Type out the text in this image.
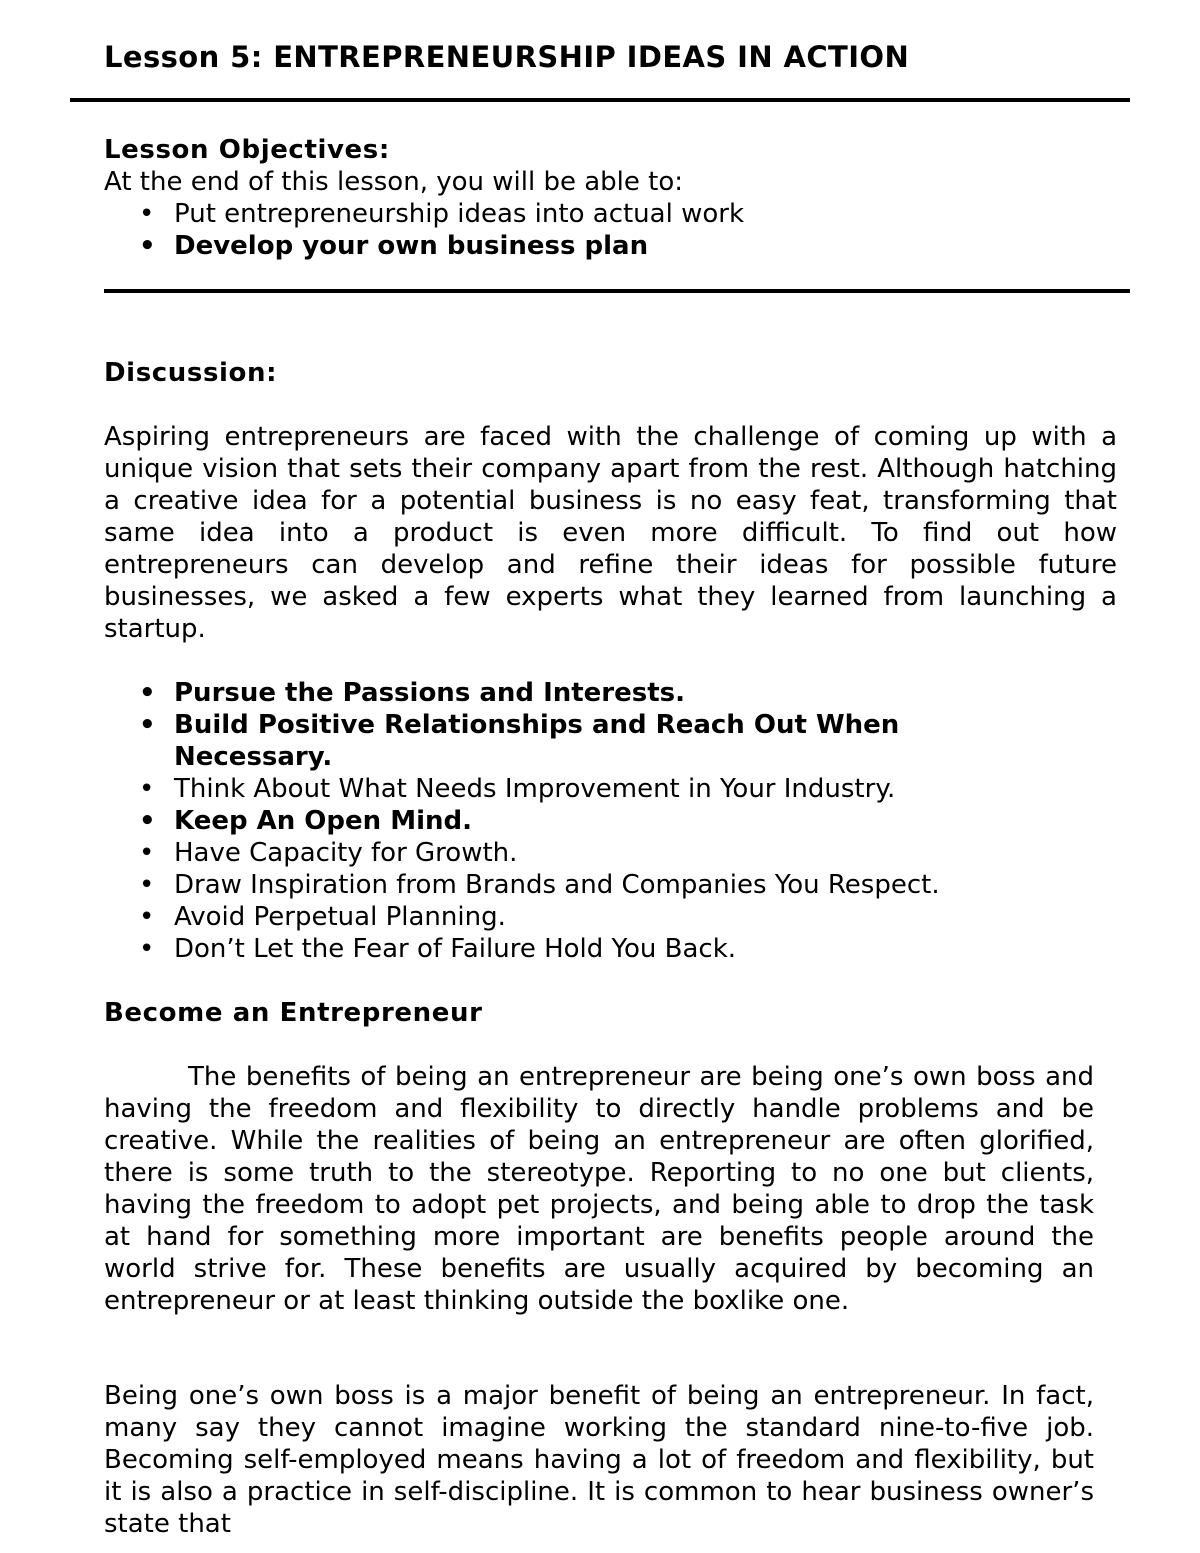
Lesson 5: ENTREPRENEURSHIP IDEAS IN ACTION
Lesson Objectives:
At the end of this lesson, you will be able to:
• Put entrepreneurship ideas into actual work
• Develop your own business plan
Discussion:
Aspiring entrepreneurs are faced with the challenge of coming up with a unique vision that sets their company apart from the rest. Although hatching a creative idea for a potential business is no easy feat, transforming that same idea into a product is even more difficult. To find out how entrepreneurs can develop and refine their ideas for possible future businesses, we asked a few experts what they learned from launching a startup.
• Pursue the Passions and Interests.
• Build Positive Relationships and Reach Out When Necessary.
• Think About What Needs Improvement in Your Industry.
• Keep An Open Mind.
• Have Capacity for Growth.
• Draw Inspiration from Brands and Companies You Respect.
• Avoid Perpetual Planning.
• Don’t Let the Fear of Failure Hold You Back.
Become an Entrepreneur
The benefits of being an entrepreneur are being one’s own boss and having the freedom and flexibility to directly handle problems and be creative. While the realities of being an entrepreneur are often glorified, there is some truth to the stereotype. Reporting to no one but clients, having the freedom to adopt pet projects, and being able to drop the task at hand for something more important are benefits people around the world strive for. These benefits are usually acquired by becoming an entrepreneur or at least thinking outside the boxlike one.
Being one’s own boss is a major benefit of being an entrepreneur. In fact, many say they cannot imagine working the standard nine-to-five job. Becoming self-employed means having a lot of freedom and flexibility, but it is also a practice in self-discipline. It is common to hear business owner’s state that
